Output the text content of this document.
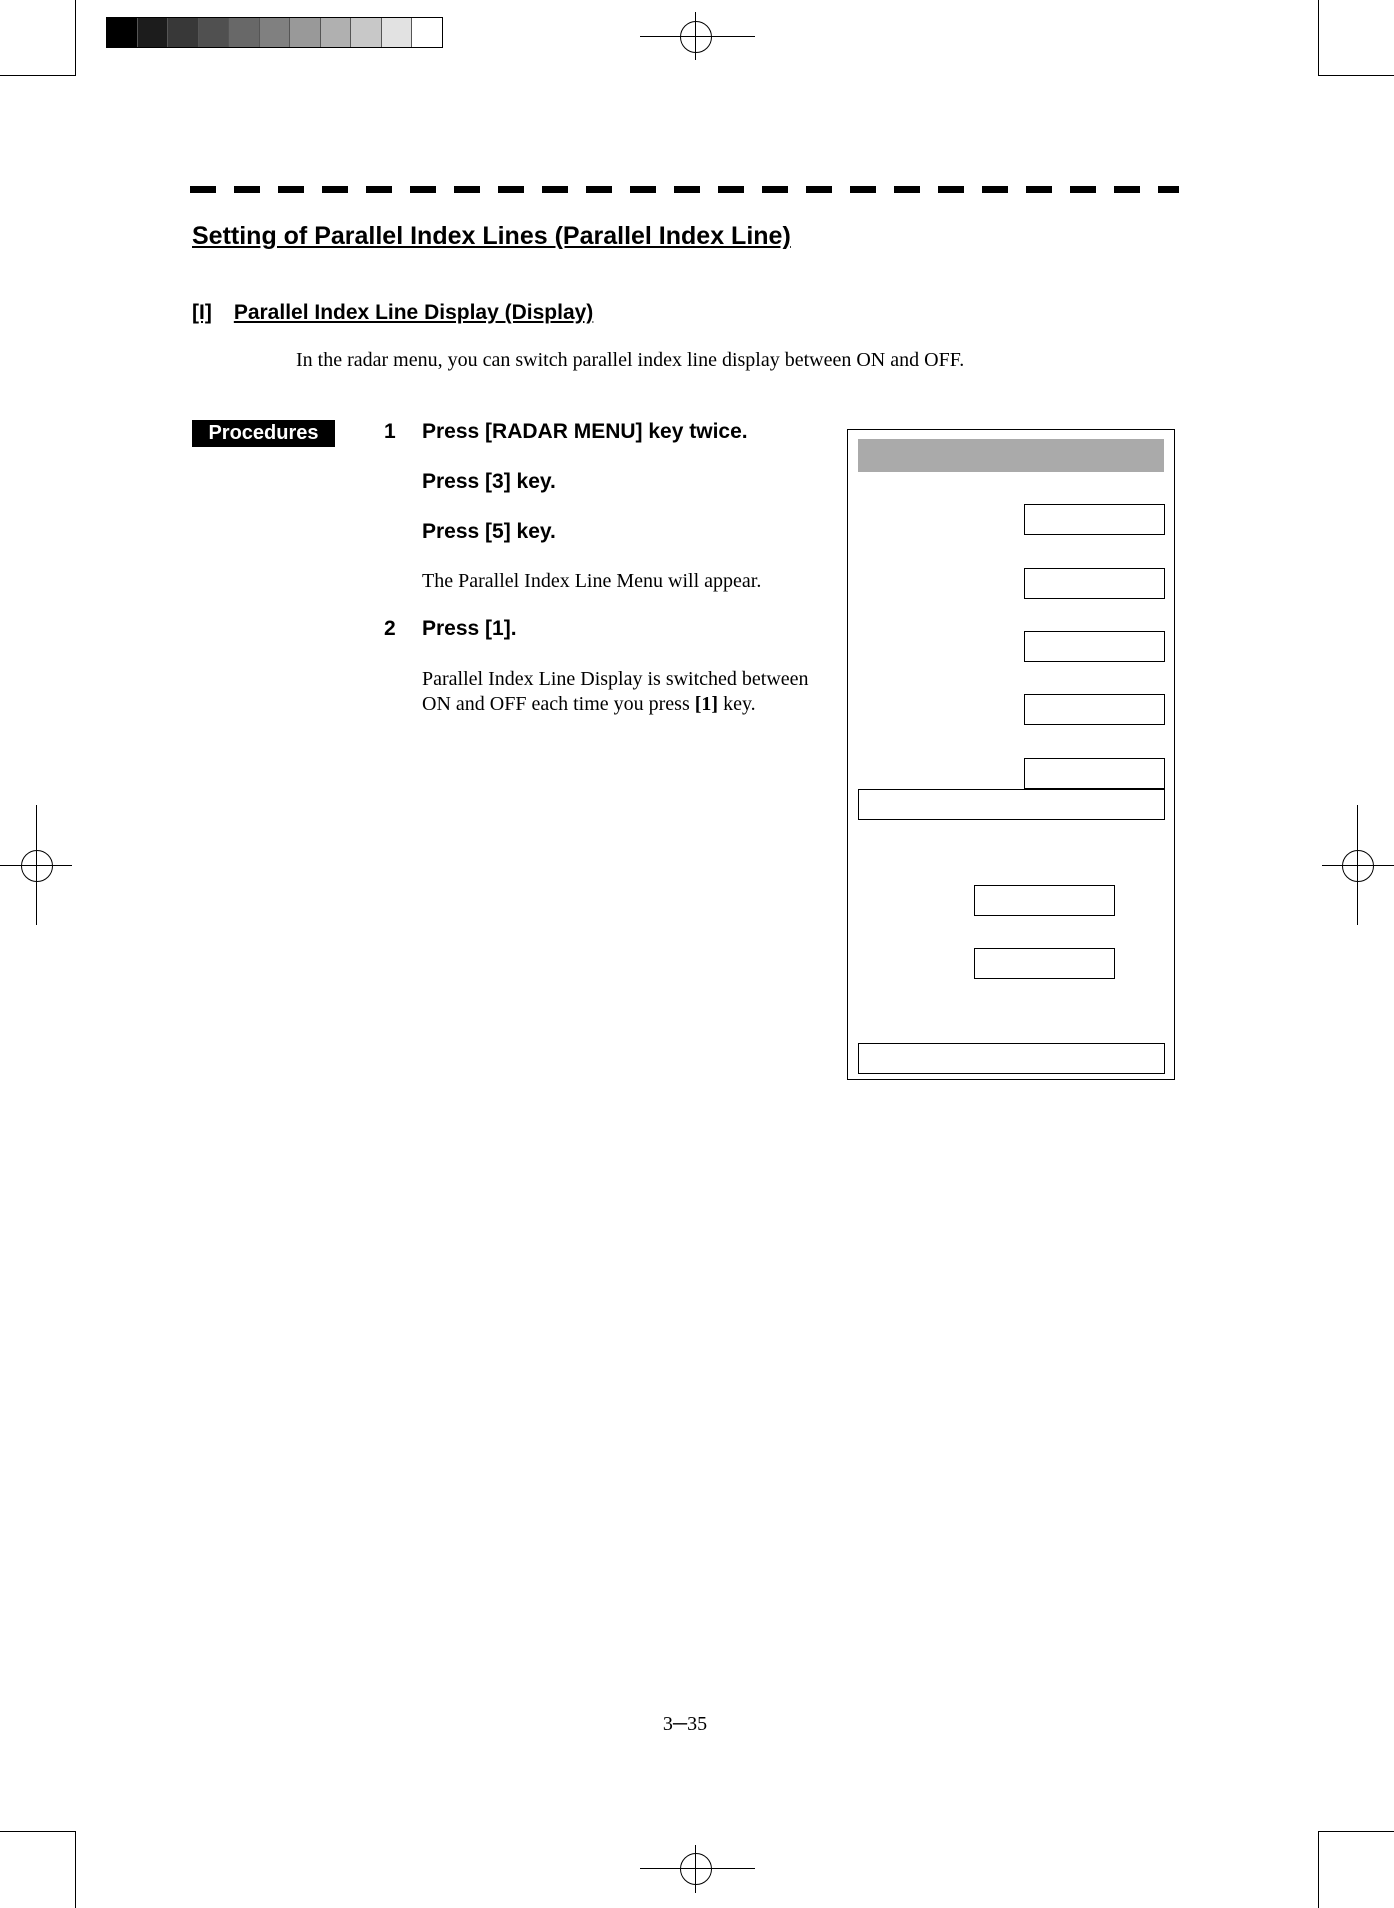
Setting of Parallel Index Lines (Parallel Index Line)
[I] Parallel Index Line Display (Display)
In the radar menu, you can switch parallel index line display between ON and OFF.
Procedures	1 Press [RADAR MENU] key twice.
Press [3] key.
Press [5] key.
The Parallel Index Line Menu will appear.
2 Press [1].
Parallel Index Line Display is switched between
ON and OFF each time you press [1] key.
3─35
